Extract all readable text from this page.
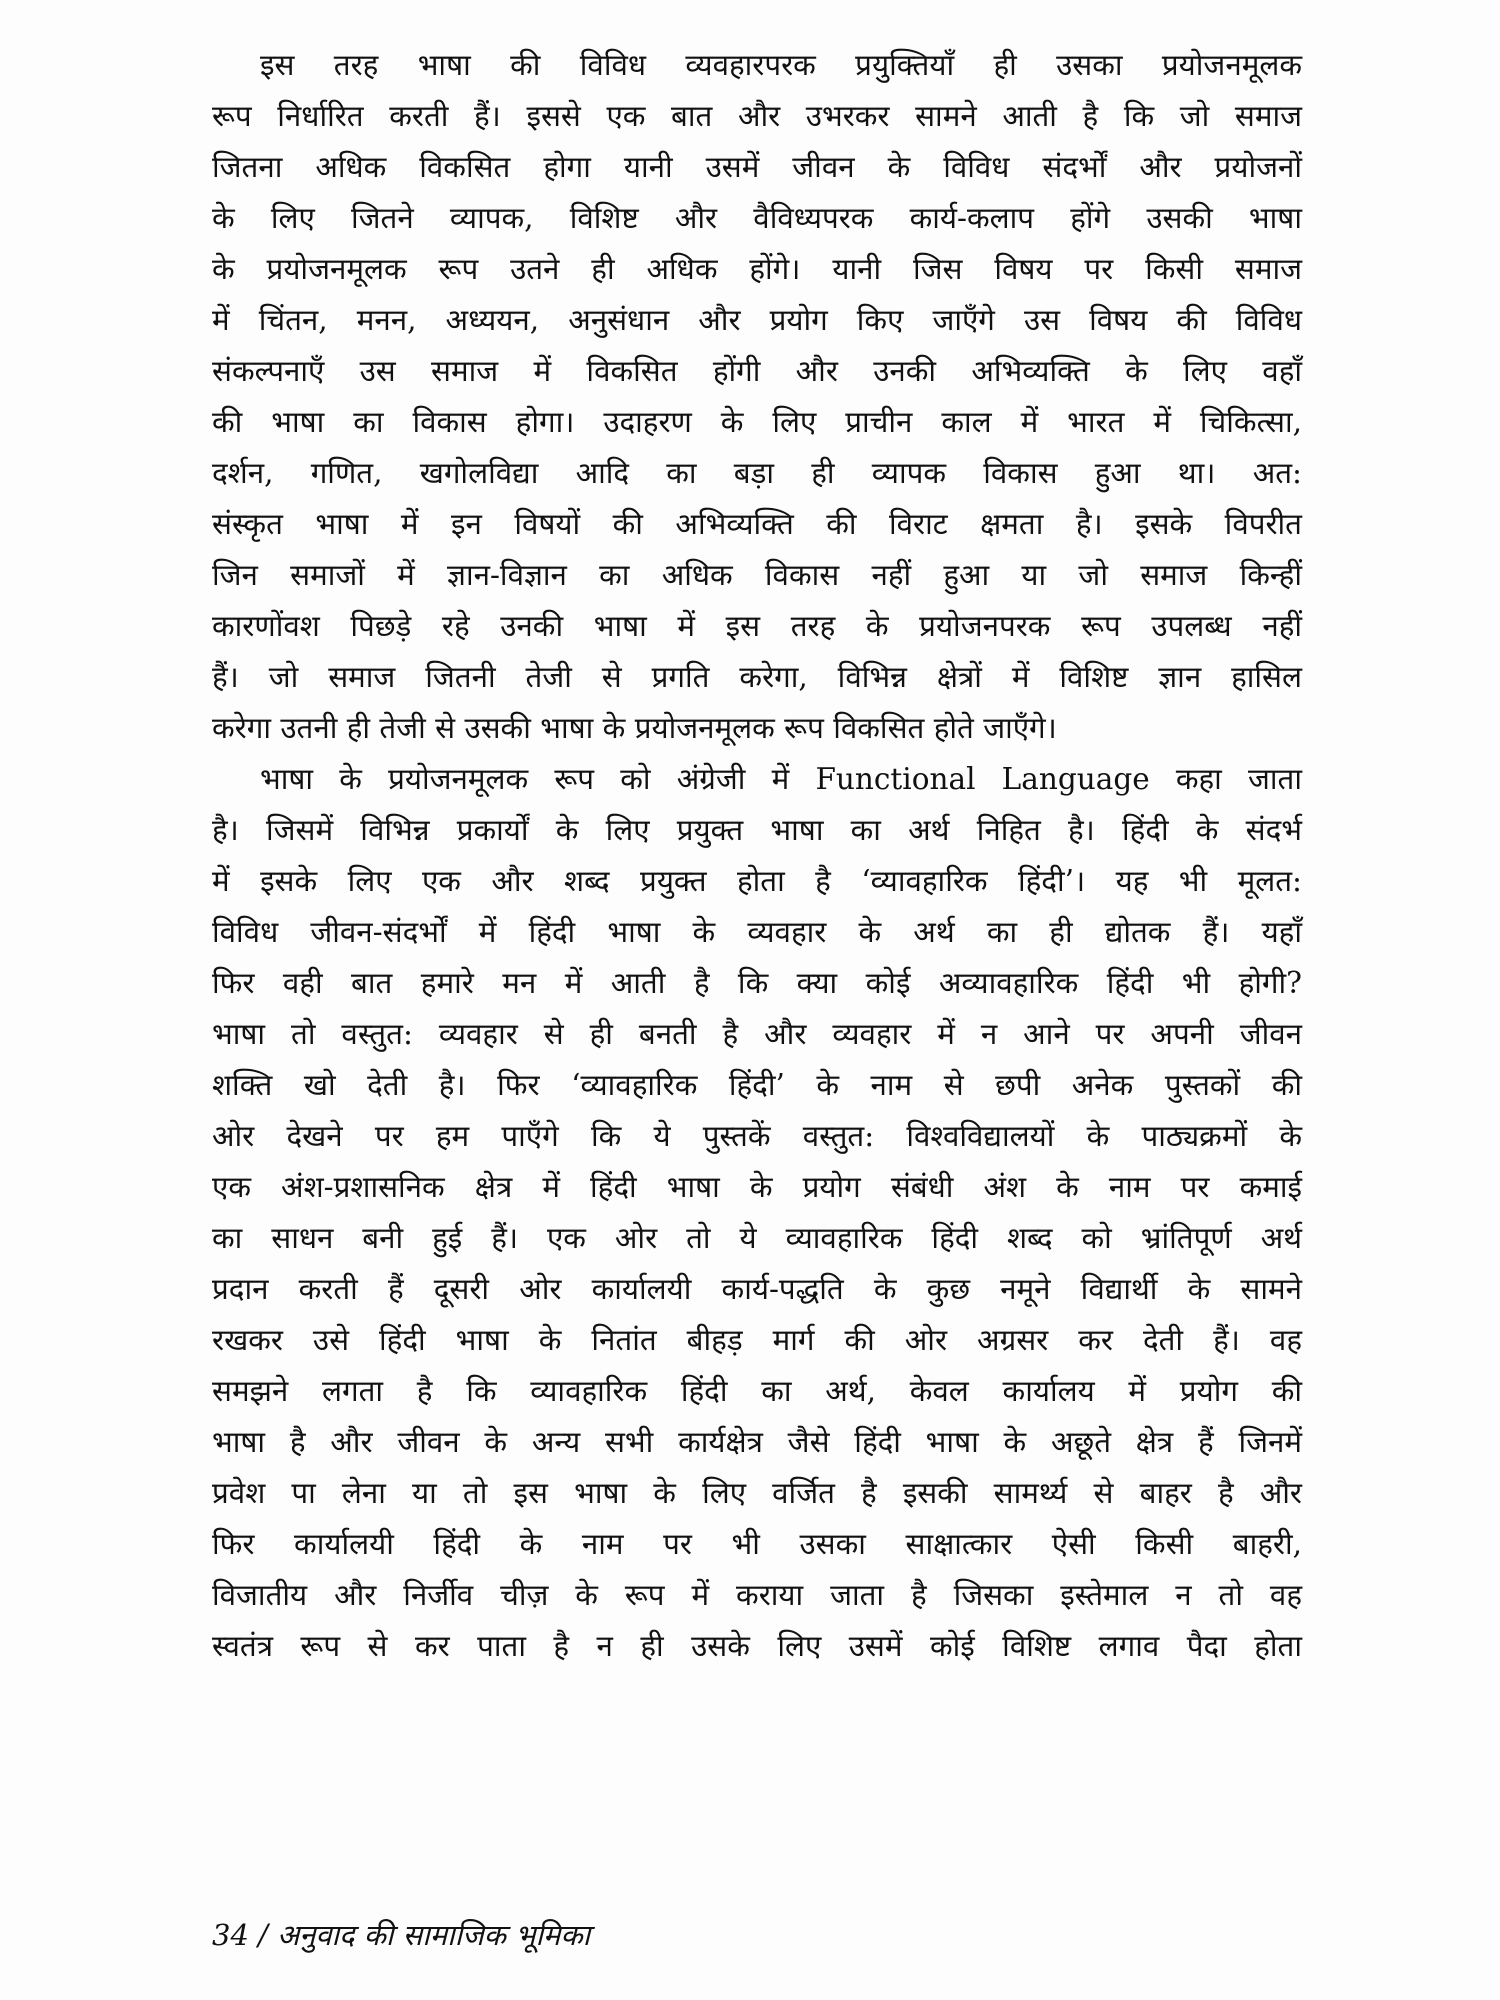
इस तरह भाषा की विविध व्यवहारपरक प्रयुक्तियाँ ही उसका प्रयोजनमूलक
रूप निर्धारित करती हैं। इससे एक बात और उभरकर सामने आती है कि जो समाज
जितना अधिक विकसित होगा यानी उसमें जीवन के विविध संदर्भों और प्रयोजनों
के लिए जितने व्यापक, विशिष्ट और वैविध्यपरक कार्य-कलाप होंगे उसकी भाषा
के प्रयोजनमूलक रूप उतने ही अधिक होंगे। यानी जिस विषय पर किसी समाज
में चिंतन, मनन, अध्ययन, अनुसंधान और प्रयोग किए जाएँगे उस विषय की विविध
संकल्पनाएँ उस समाज में विकसित होंगी और उनकी अभिव्यक्ति के लिए वहाँ
की भाषा का विकास होगा। उदाहरण के लिए प्राचीन काल में भारत में चिकित्सा,
दर्शन, गणित, खगोलविद्या आदि का बड़ा ही व्यापक विकास हुआ था। अत:
संस्कृत भाषा में इन विषयों की अभिव्यक्ति की विराट क्षमता है। इसके विपरीत
जिन समाजों में ज्ञान-विज्ञान का अधिक विकास नहीं हुआ या जो समाज किन्हीं
कारणोंवश पिछड़े रहे उनकी भाषा में इस तरह के प्रयोजनपरक रूप उपलब्ध नहीं
हैं। जो समाज जितनी तेजी से प्रगति करेगा, विभिन्न क्षेत्रों में विशिष्ट ज्ञान हासिल
करेगा उतनी ही तेजी से उसकी भाषा के प्रयोजनमूलक रूप विकसित होते जाएँगे।
भाषा के प्रयोजनमूलक रूप को अंग्रेजी में Functional Language कहा जाता
है। जिसमें विभिन्न प्रकार्यों के लिए प्रयुक्त भाषा का अर्थ निहित है। हिंदी के संदर्भ
में इसके लिए एक और शब्द प्रयुक्त होता है ‘व्यावहारिक हिंदी’। यह भी मूलत:
विविध जीवन-संदर्भों में हिंदी भाषा के व्यवहार के अर्थ का ही द्योतक हैं। यहाँ
फिर वही बात हमारे मन में आती है कि क्या कोई अव्यावहारिक हिंदी भी होगी?
भाषा तो वस्तुत: व्यवहार से ही बनती है और व्यवहार में न आने पर अपनी जीवन
शक्ति खो देती है। फिर ‘व्यावहारिक हिंदी’ के नाम से छपी अनेक पुस्तकों की
ओर देखने पर हम पाएँगे कि ये पुस्तकें वस्तुत: विश्वविद्यालयों के पाठ्यक्रमों के
एक अंश-प्रशासनिक क्षेत्र में हिंदी भाषा के प्रयोग संबंधी अंश के नाम पर कमाई
का साधन बनी हुई हैं। एक ओर तो ये व्यावहारिक हिंदी शब्द को भ्रांतिपूर्ण अर्थ
प्रदान करती हैं दूसरी ओर कार्यालयी कार्य-पद्धति के कुछ नमूने विद्यार्थी के सामने
रखकर उसे हिंदी भाषा के नितांत बीहड़ मार्ग की ओर अग्रसर कर देती हैं। वह
समझने लगता है कि व्यावहारिक हिंदी का अर्थ, केवल कार्यालय में प्रयोग की
भाषा है और जीवन के अन्य सभी कार्यक्षेत्र जैसे हिंदी भाषा के अछूते क्षेत्र हैं जिनमें
प्रवेश पा लेना या तो इस भाषा के लिए वर्जित है इसकी सामर्थ्य से बाहर है और
फिर कार्यालयी हिंदी के नाम पर भी उसका साक्षात्कार ऐसी किसी बाहरी,
विजातीय और निर्जीव चीज़ के रूप में कराया जाता है जिसका इस्तेमाल न तो वह
स्वतंत्र रूप से कर पाता है न ही उसके लिए उसमें कोई विशिष्ट लगाव पैदा होता
34 / अनुवाद की सामाजिक भूमिका
